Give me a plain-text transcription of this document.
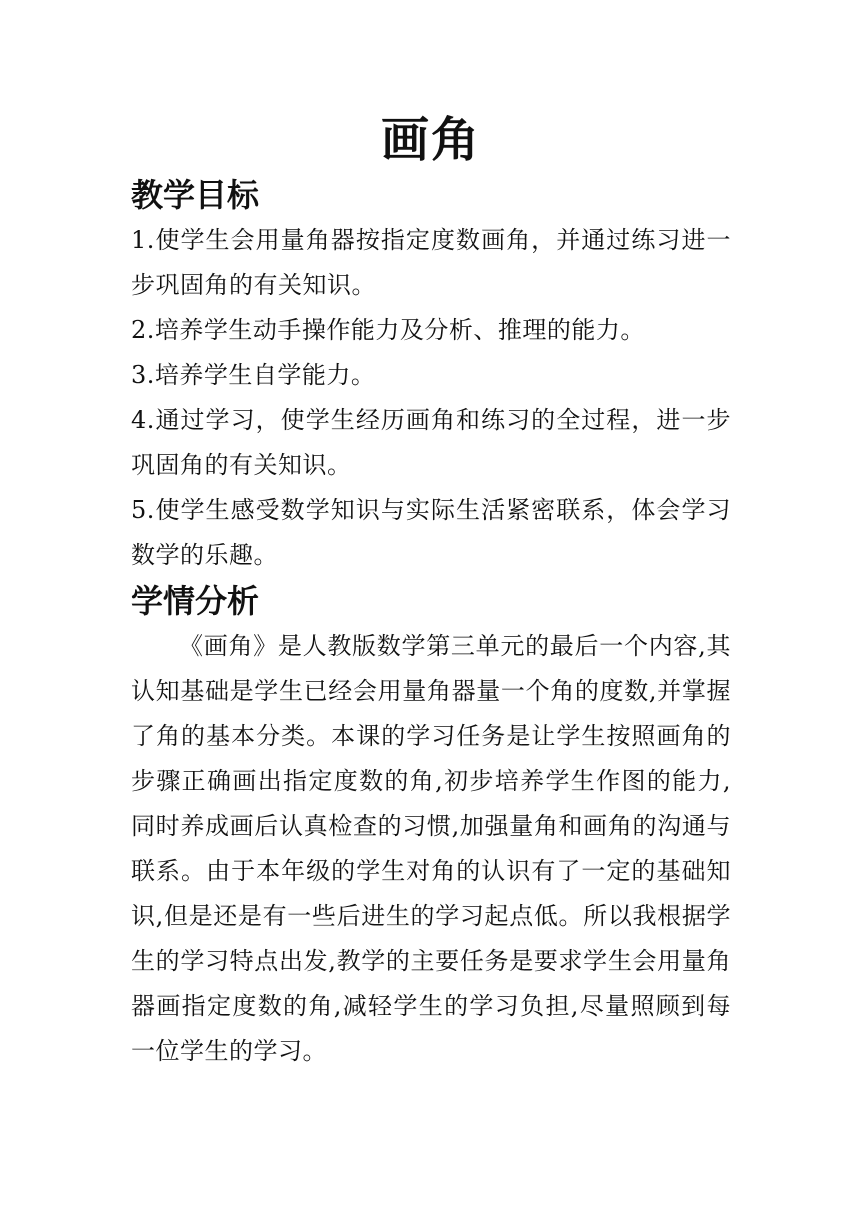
画角
教学目标
1.使学生会用量角器按指定度数画角，并通过练习进一步巩固角的有关知识。
2.培养学生动手操作能力及分析、推理的能力。
3.培养学生自学能力。
4.通过学习，使学生经历画角和练习的全过程，进一步巩固角的有关知识。
5.使学生感受数学知识与实际生活紧密联系，体会学习数学的乐趣。
学情分析

《画角》是人教版数学第三单元的最后一个内容,其认知基础是学生已经会用量角器量一个角的度数,并掌握了角的基本分类。本课的学习任务是让学生按照画角的步骤正确画出指定度数的角,初步培养学生作图的能力,同时养成画后认真检查的习惯,加强量角和画角的沟通与联系。由于本年级的学生对角的认识有了一定的基础知识,但是还是有一些后进生的学习起点低。所以我根据学生的学习特点出发,教学的主要任务是要求学生会用量角器画指定度数的角,减轻学生的学习负担,尽量照顾到每一位学生的学习。
